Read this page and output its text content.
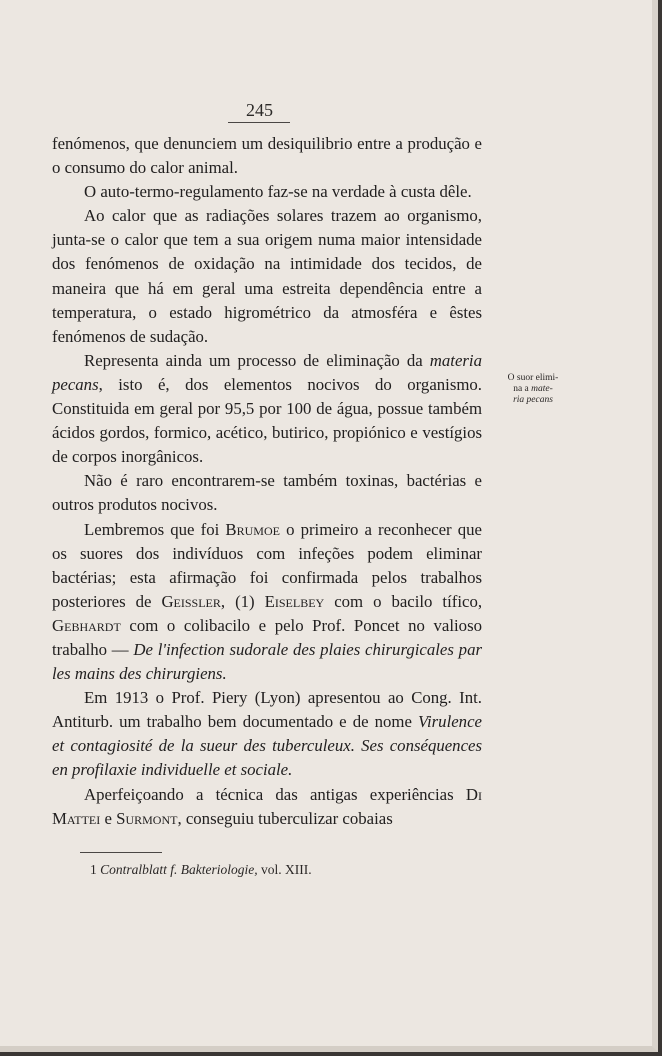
245

fenómenos, que denunciem um desiquilibrio entre a produção e o consumo do calor animal.

O auto-termo-regulamento faz-se na verdade à custa dêle.

Ao calor que as radiações solares trazem ao organismo, junta-se o calor que tem a sua origem numa maior intensidade dos fenómenos de oxidação na intimidade dos tecidos, de maneira que há em geral uma estreita dependência entre a temperatura, o estado higrométrico da atmosféra e êstes fenómenos de sudação.

Representa ainda um processo de eliminação da materia pecans, isto é, dos elementos nocivos do organismo. Constituida em geral por 95,5 por 100 de água, possue também ácidos gordos, formico, acético, butirico, propiónico e vestígios de corpos inorgânicos.

Não é raro encontrarem-se também toxinas, bactérias e outros produtos nocivos.

Lembremos que foi Brumoe o primeiro a reconhecer que os suores dos indivíduos com infeções podem eliminar bactérias; esta afirmação foi confirmada pelos trabalhos posteriores de Geissler, (1) Eiselbey com o bacilo tífico, Gebhardt com o colibacilo e pelo Prof. Poncet no valioso trabalho — De l'infection sudorale des plaies chirurgicales par les mains des chirurgiens.

Em 1913 o Prof. Piery (Lyon) apresentou ao Cong. Int. Antiturb. um trabalho bem documentado e de nome Virulence et contagiosité de la sueur des tuberculeux. Ses conséquences en profilaxie individuelle et sociale.

Aperfeiçoando a técnica das antigas experiências Di Mattei e Surmont, conseguiu tuberculizar cobaias

O suor elimi-
na a mate-
ria pecans
1 Contralblatt f. Bakteriologie, vol. XIII.
